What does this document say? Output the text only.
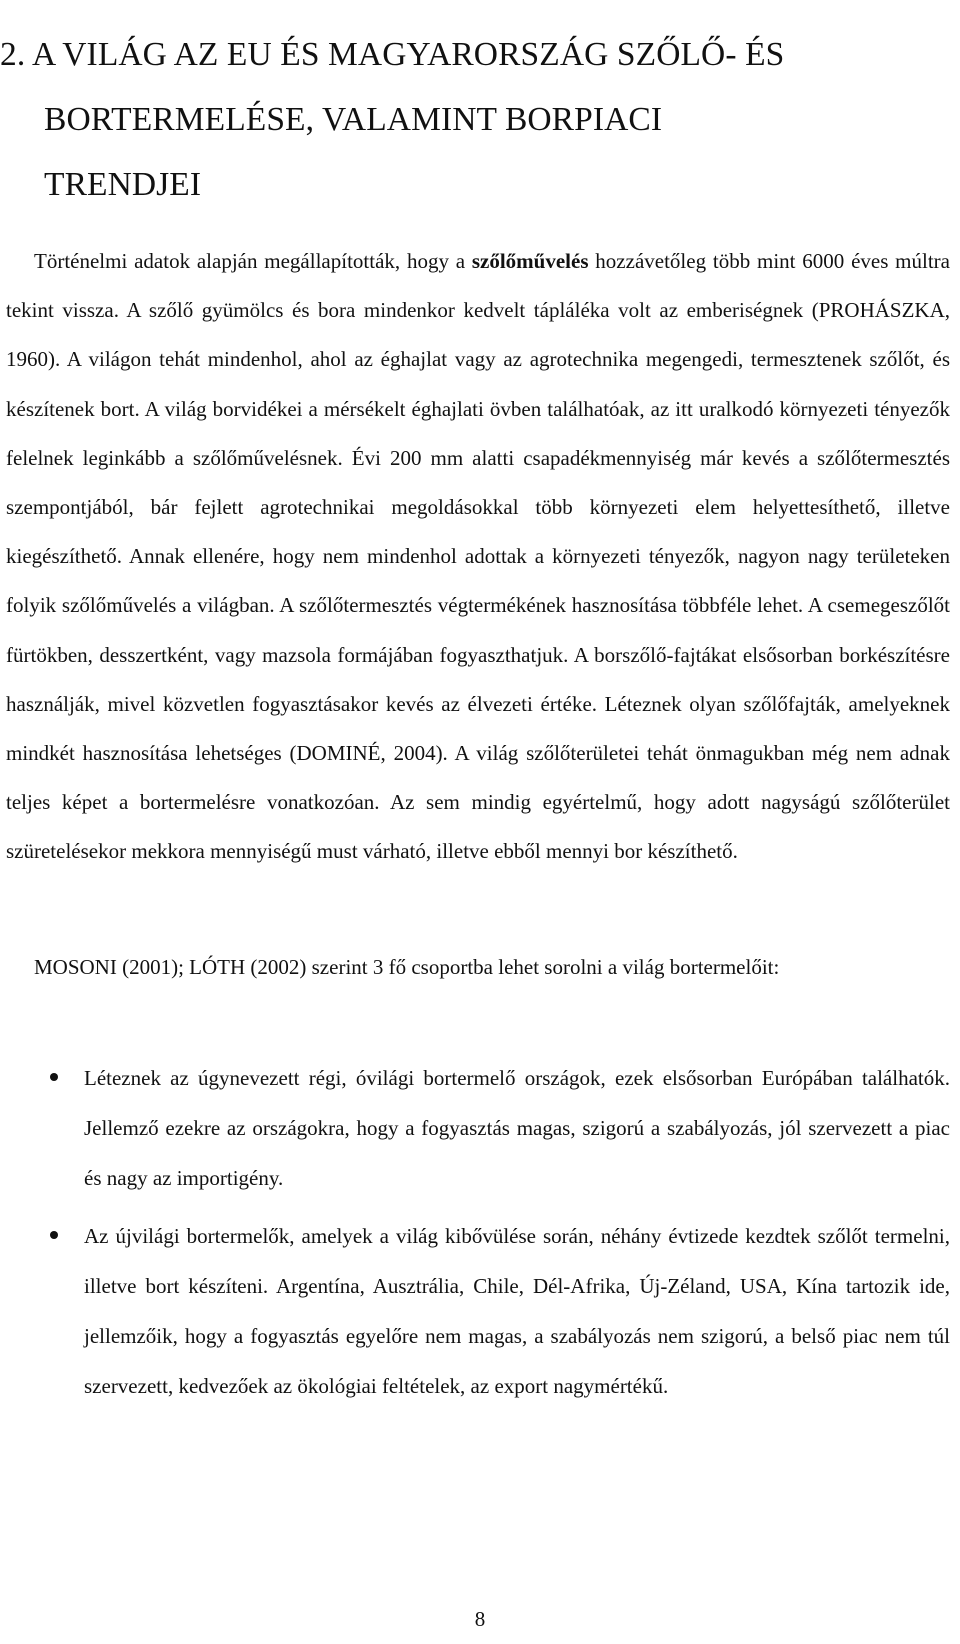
2. A VILÁG AZ EU ÉS MAGYARORSZÁG SZŐLŐ- ÉS
BORTERMELÉSE, VALAMINT BORPIACI
TRENDJEI

Történelmi adatok alapján megállapították, hogy a szőlőművelés hozzávetőleg több mint 6000 éves múltra tekint vissza. A szőlő gyümölcs és bora mindenkor kedvelt tápláléka volt az emberiségnek (PROHÁSZKA, 1960). A világon tehát mindenhol, ahol az éghajlat vagy az agrotechnika megengedi, termesztenek szőlőt, és készítenek bort. A világ borvidékei a mérsékelt éghajlati övben találhatóak, az itt uralkodó környezeti tényezők felelnek leginkább a szőlőművelésnek. Évi 200 mm alatti csapadékmennyiség már kevés a szőlőtermesztés szempontjából, bár fejlett agrotechnikai megoldásokkal több környezeti elem helyettesíthető, illetve kiegészíthető. Annak ellenére, hogy nem mindenhol adottak a környezeti tényezők, nagyon nagy területeken folyik szőlőművelés a világban. A szőlőtermesztés végtermékének hasznosítása többféle lehet. A csemegeszőlőt fürtökben, desszertként, vagy mazsola formájában fogyaszthatjuk. A borszőlő-fajtákat elsősorban borkészítésre használják, mivel közvetlen fogyasztásakor kevés az élvezeti értéke. Léteznek olyan szőlőfajták, amelyeknek mindkét hasznosítása lehetséges (DOMINÉ, 2004). A világ szőlőterületei tehát önmagukban még nem adnak teljes képet a bortermelésre vonatkozóan. Az sem mindig egyértelmű, hogy adott nagyságú szőlőterület szüretelésekor mekkora mennyiségű must várható, illetve ebből mennyi bor készíthető.

MOSONI (2001); LÓTH (2002) szerint 3 fő csoportba lehet sorolni a világ bortermelőit:

Léteznek az úgynevezett régi, óvilági bortermelő országok, ezek elsősorban Európában találhatók. Jellemző ezekre az országokra, hogy a fogyasztás magas, szigorú a szabályozás, jól szervezett a piac és nagy az importigény.
Az újvilági bortermelők, amelyek a világ kibővülése során, néhány évtizede kezdtek szőlőt termelni, illetve bort készíteni. Argentína, Ausztrália, Chile, Dél-Afrika, Új-Zéland, USA, Kína tartozik ide, jellemzőik, hogy a fogyasztás egyelőre nem magas, a szabályozás nem szigorú, a belső piac nem túl szervezett, kedvezőek az ökológiai feltételek, az export nagymértékű.
8
